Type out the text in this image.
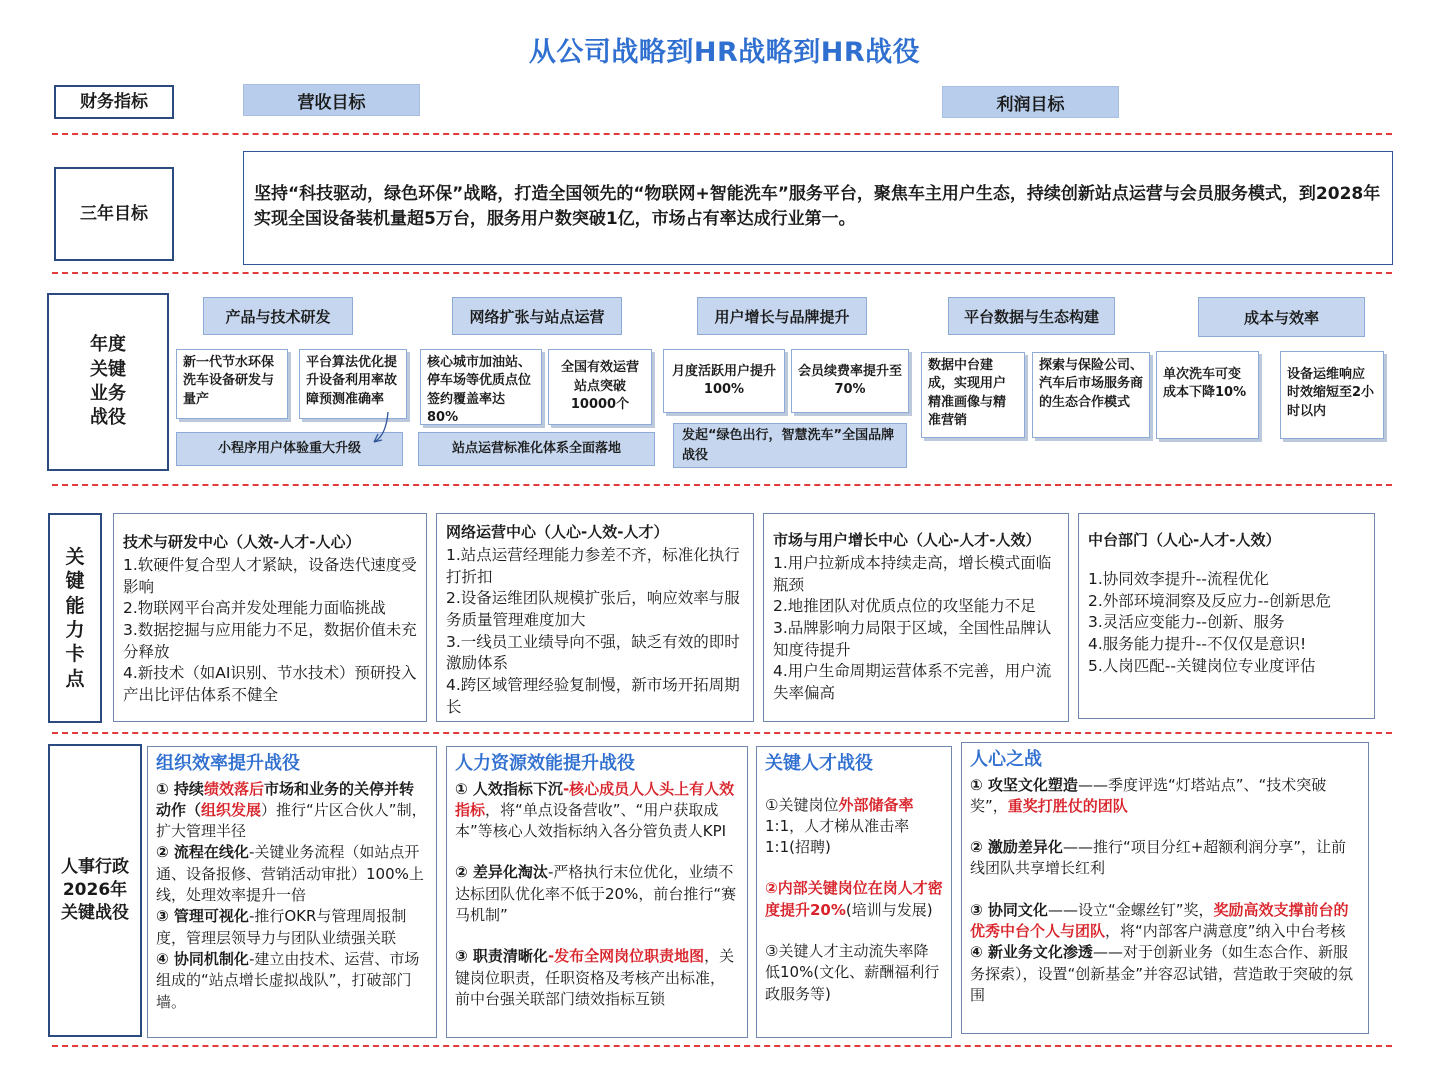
从公司战略到HR战略到HR战役
财务指标	营收目标	利润目标
三年目标
坚持“科技驱动，绿色环保”战略，打造全国领先的“物联网+智能洗车”服务平台，聚焦车主用户生态，持续创新站点运营与会员服务模式，到2028年实现全国设备装机量超5万台，服务用户数突破1亿，市场占有率达成行业第一。
年度关键业务战役
产品与技术研发
新一代节水环保洗车设备研发与量产
平台算法优化提升设备利用率故障预测准确率
小程序用户体验重大升级
网络扩张与站点运营
核心城市加油站、停车场等优质点位签约覆盖率达80%
全国有效运营站点突破10000个
站点运营标准化体系全面落地
用户增长与品牌提升
月度活跃用户提升100%
会员续费率提升至70%
发起“绿色出行，智慧洗车”全国品牌战役
平台数据与生态构建
数据中台建成，实现用户精准画像与精准营销
探索与保险公司、汽车后市场服务商的生态合作模式
成本与效率
单次洗车可变成本下降10%
设备运维响应时效缩短至2小时以内
关键能力卡点
技术与研发中心（人效-人才-人心）
1.软硬件复合型人才紧缺，设备迭代速度受影响
2.物联网平台高并发处理能力面临挑战
3.数据挖掘与应用能力不足，数据价值未充分释放
4.新技术（如AI识别、节水技术）预研投入产出比评估体系不健全
网络运营中心（人心-人效-人才）
1.站点运营经理能力参差不齐，标准化执行打折扣
2.设备运维团队规模扩张后，响应效率与服务质量管理难度加大
3.一线员工业绩导向不强，缺乏有效的即时激励体系
4.跨区域管理经验复制慢，新市场开拓周期长
市场与用户增长中心（人心-人才-人效）
1.用户拉新成本持续走高，增长模式面临瓶颈
2.地推团队对优质点位的攻坚能力不足
3.品牌影响力局限于区域，全国性品牌认知度待提升
4.用户生命周期运营体系不完善，用户流失率偏高
中台部门（人心-人才-人效）
1.协同效李提升--流程优化
2.外部环境洞察及反应力--创新思危
3.灵活应变能力--创新、服务
4.服务能力提升--不仅仅是意识!
5.人岗匹配--关键岗位专业度评估
人事行政2026年关键战役
组织效率提升战役

① 持续绩效落后市场和业务的关停并转动作（组织发展）推行“片区合伙人”制，扩大管理半径

② 流程在线化-关键业务流程（如站点开通、设备报修、营销活动审批）100%上线，处理效率提升一倍

③ 管理可视化-推行OKR与管理周报制度，管理层领导力与团队业绩强关联

④ 协同机制化-建立由技术、运营、市场组成的“站点增长虚拟战队”，打破部门墙。

人力资源效能提升战役

① 人效指标下沉-核心成员人人头上有人效指标，将“单点设备营收”、“用户获取成本”等核心人效指标纳入各分管负责人KPI

② 差异化淘汰-严格执行末位优化，业绩不达标团队优化率不低于20%，前台推行“赛马机制”

③ 职责清晰化-发布全网岗位职责地图，关键岗位职责，任职资格及考核产出标准，前中台强关联部门绩效指标互锁

关键人才战役

①关键岗位外部储备率1:1，人才梯从准击率1:1(招聘)

②内部关键岗位在岗人才密度提升20%(培训与发展)

③关键人才主动流失率降低10%(文化、薪酬福利行政服务等)

人心之战

① 攻坚文化塑造——季度评选“灯塔站点”、“技术突破奖”，重奖打胜仗的团队

② 激励差异化——推行“项目分红+超额利润分享”，让前线团队共享增长红利

③ 协同文化——设立“金螺丝钉”奖，奖励高效支撑前台的优秀中台个人与团队，将“内部客户满意度”纳入中台考核

④ 新业务文化渗透——对于创新业务（如生态合作、新服务探索），设置“创新基金”并容忍试错，营造敢于突破的氛围
